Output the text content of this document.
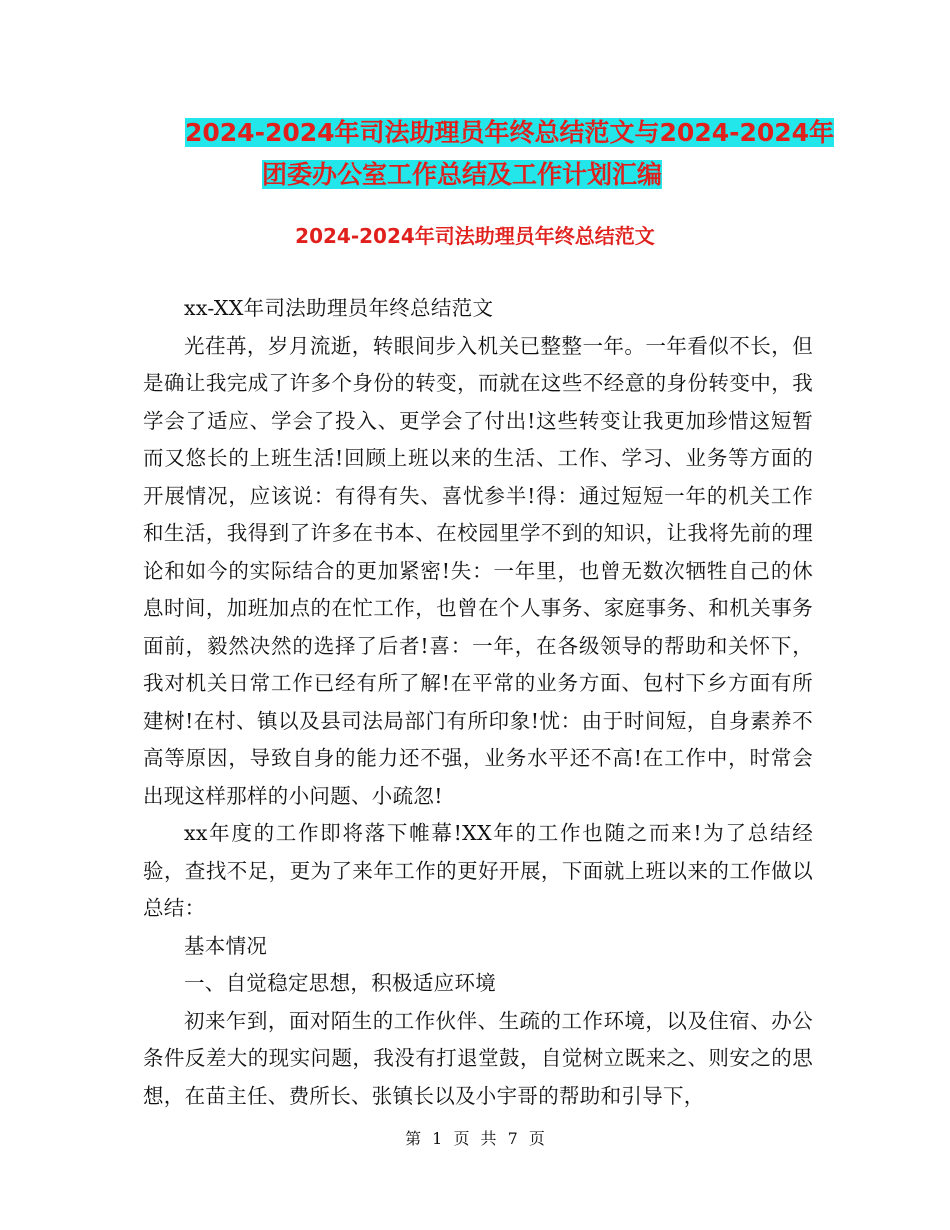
2024-2024年司法助理员年终总结范文与2024-2024年
团委办公室工作总结及工作计划汇编
2024-2024年司法助理员年终总结范文

xx-XX年司法助理员年终总结范文

光荏苒，岁月流逝，转眼间步入机关已整整一年。一年看似不长，但是确让我完成了许多个身份的转变，而就在这些不经意的身份转变中，我学会了适应、学会了投入、更学会了付出!这些转变让我更加珍惜这短暂而又悠长的上班生活!回顾上班以来的生活、工作、学习、业务等方面的开展情况，应该说：有得有失、喜忧参半!得：通过短短一年的机关工作和生活，我得到了许多在书本、在校园里学不到的知识，让我将先前的理论和如今的实际结合的更加紧密!失：一年里，也曾无数次牺牲自己的休息时间，加班加点的在忙工作，也曾在个人事务、家庭事务、和机关事务面前，毅然决然的选择了后者!喜：一年，在各级领导的帮助和关怀下，我对机关日常工作已经有所了解!在平常的业务方面、包村下乡方面有所建树!在村、镇以及县司法局部门有所印象!忧：由于时间短，自身素养不高等原因，导致自身的能力还不强，业务水平还不高!在工作中，时常会出现这样那样的小问题、小疏忽!

xx年度的工作即将落下帷幕!XX年的工作也随之而来!为了总结经验，查找不足，更为了来年工作的更好开展，下面就上班以来的工作做以总结：

基本情况

一、自觉稳定思想，积极适应环境

初来乍到，面对陌生的工作伙伴、生疏的工作环境，以及住宿、办公条件反差大的现实问题，我没有打退堂鼓，自觉树立既来之、则安之的思想，在苗主任、费所长、张镇长以及小宇哥的帮助和引导下，

第 1 页 共 7 页
